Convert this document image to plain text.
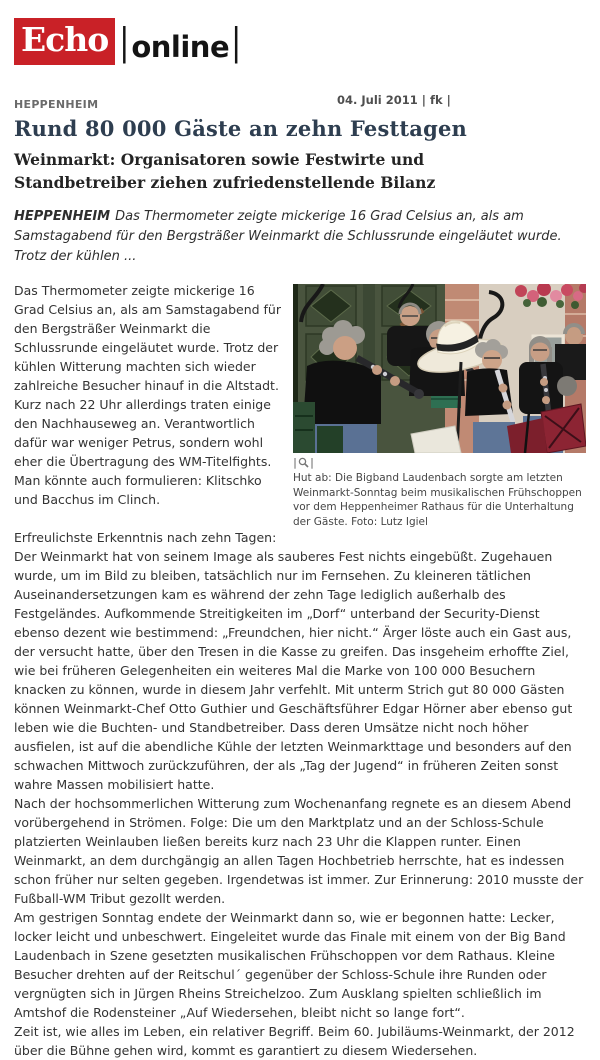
Echo | online |
HEPPENHEIM	04. Juli 2011 | fk |
Rund 80 000 Gäste an zehn Festtagen
Weinmarkt: Organisatoren sowie Festwirte und Standbetreiber ziehen zufriedenstellende Bilanz

HEPPENHEIM Das Thermometer zeigte mickerige 16 Grad Celsius an, als am Samstagabend für den Bergsträßer Weinmarkt die Schlussrunde eingeläutet wurde. Trotz der kühlen ...

| |
Hut ab: Die Bigband Laudenbach sorgte am letzten Weinmarkt-Sonntag beim musikalischen Frühschoppen vor dem Heppenheimer Rathaus für die Unterhaltung der Gäste. Foto: Lutz Igiel

Das Thermometer zeigte mickerige 16 Grad Celsius an, als am Samstagabend für den Bergsträßer Weinmarkt die Schlussrunde eingeläutet wurde. Trotz der kühlen Witterung machten sich wieder zahlreiche Besucher hinauf in die Altstadt. Kurz nach 22 Uhr allerdings traten einige den Nachhauseweg an. Verantwortlich dafür war weniger Petrus, sondern wohl eher die Übertragung des WM-Titelfights. Man könnte auch formulieren: Klitschko und Bacchus im Clinch.

Erfreulichste Erkenntnis nach zehn Tagen: Der Weinmarkt hat von seinem Image als sauberes Fest nichts eingebüßt. Zugehauen wurde, um im Bild zu bleiben, tatsächlich nur im Fernsehen. Zu kleineren tätlichen Auseinandersetzungen kam es während der zehn Tage lediglich außerhalb des Festgeländes. Aufkommende Streitigkeiten im „Dorf“ unterband der Security-Dienst ebenso dezent wie bestimmend: „Freundchen, hier nicht.“ Ärger löste auch ein Gast aus, der versucht hatte, über den Tresen in die Kasse zu greifen. Das insgeheim erhoffte Ziel, wie bei früheren Gelegenheiten ein weiteres Mal die Marke von 100 000 Besuchern knacken zu können, wurde in diesem Jahr verfehlt. Mit unterm Strich gut 80 000 Gästen können Weinmarkt-Chef Otto Guthier und Geschäftsführer Edgar Hörner aber ebenso gut leben wie die Buchten- und Standbetreiber. Dass deren Umsätze nicht noch höher ausfielen, ist auf die abendliche Kühle der letzten Weinmarkttage und besonders auf den schwachen Mittwoch zurückzuführen, der als „Tag der Jugend“ in früheren Zeiten sonst wahre Massen mobilisiert hatte.

Nach der hochsommerlichen Witterung zum Wochenanfang regnete es an diesem Abend vorübergehend in Strömen. Folge: Die um den Marktplatz und an der Schloss-Schule platzierten Weinlauben ließen bereits kurz nach 23 Uhr die Klappen runter. Einen Weinmarkt, an dem durchgängig an allen Tagen Hochbetrieb herrschte, hat es indessen schon früher nur selten gegeben. Irgendetwas ist immer. Zur Erinnerung: 2010 musste der Fußball-WM Tribut gezollt werden.

Am gestrigen Sonntag endete der Weinmarkt dann so, wie er begonnen hatte: Lecker, locker leicht und unbeschwert. Eingeleitet wurde das Finale mit einem von der Big Band Laudenbach in Szene gesetzten musikalischen Frühschoppen vor dem Rathaus. Kleine Besucher drehten auf der Reitschul´ gegenüber der Schloss-Schule ihre Runden oder vergnügten sich in Jürgen Rheins Streichelzoo. Zum Ausklang spielten schließlich im Amtshof die Rodensteiner „Auf Wiedersehen, bleibt nicht so lange fort“.

Zeit ist, wie alles im Leben, ein relativer Begriff. Beim 60. Jubiläums-Weinmarkt, der 2012 über die Bühne gehen wird, kommt es garantiert zu diesem Wiedersehen.
